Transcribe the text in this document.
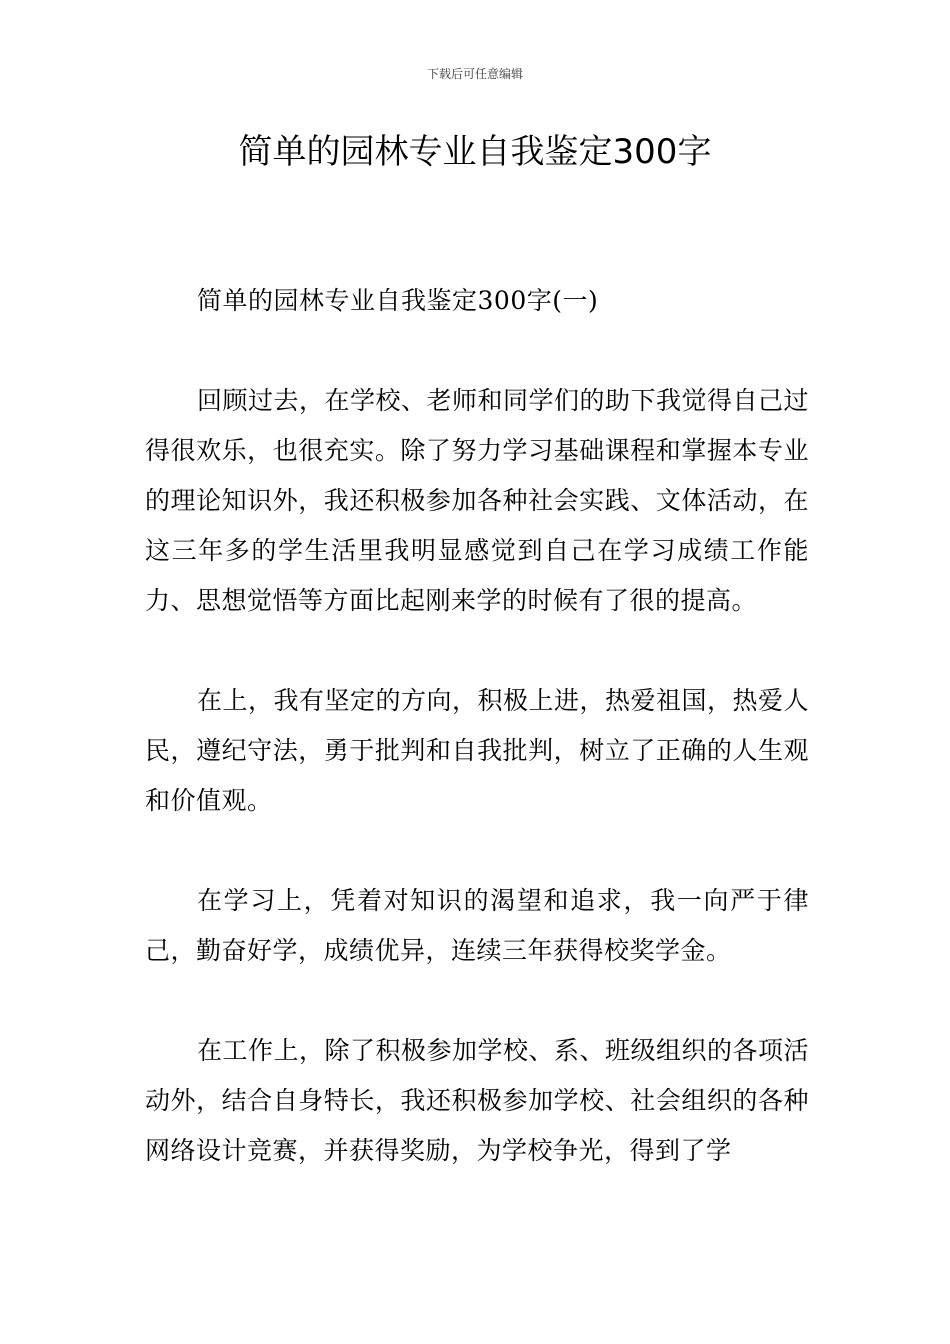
下载后可任意编辑
简单的园林专业自我鉴定300字

简单的园林专业自我鉴定300字(一)

回顾过去，在学校、老师和同学们的助下我觉得自己过得很欢乐，也很充实。除了努力学习基础课程和掌握本专业的理论知识外，我还积极参加各种社会实践、文体活动，在这三年多的学生活里我明显感觉到自己在学习成绩工作能力、思想觉悟等方面比起刚来学的时候有了很的提高。

在上，我有坚定的方向，积极上进，热爱祖国，热爱人民，遵纪守法，勇于批判和自我批判，树立了正确的人生观和价值观。

在学习上，凭着对知识的渴望和追求，我一向严于律己，勤奋好学，成绩优异，连续三年获得校奖学金。

在工作上，除了积极参加学校、系、班级组织的各项活动外，结合自身特长，我还积极参加学校、社会组织的各种网络设计竞赛，并获得奖励，为学校争光，得到了学
